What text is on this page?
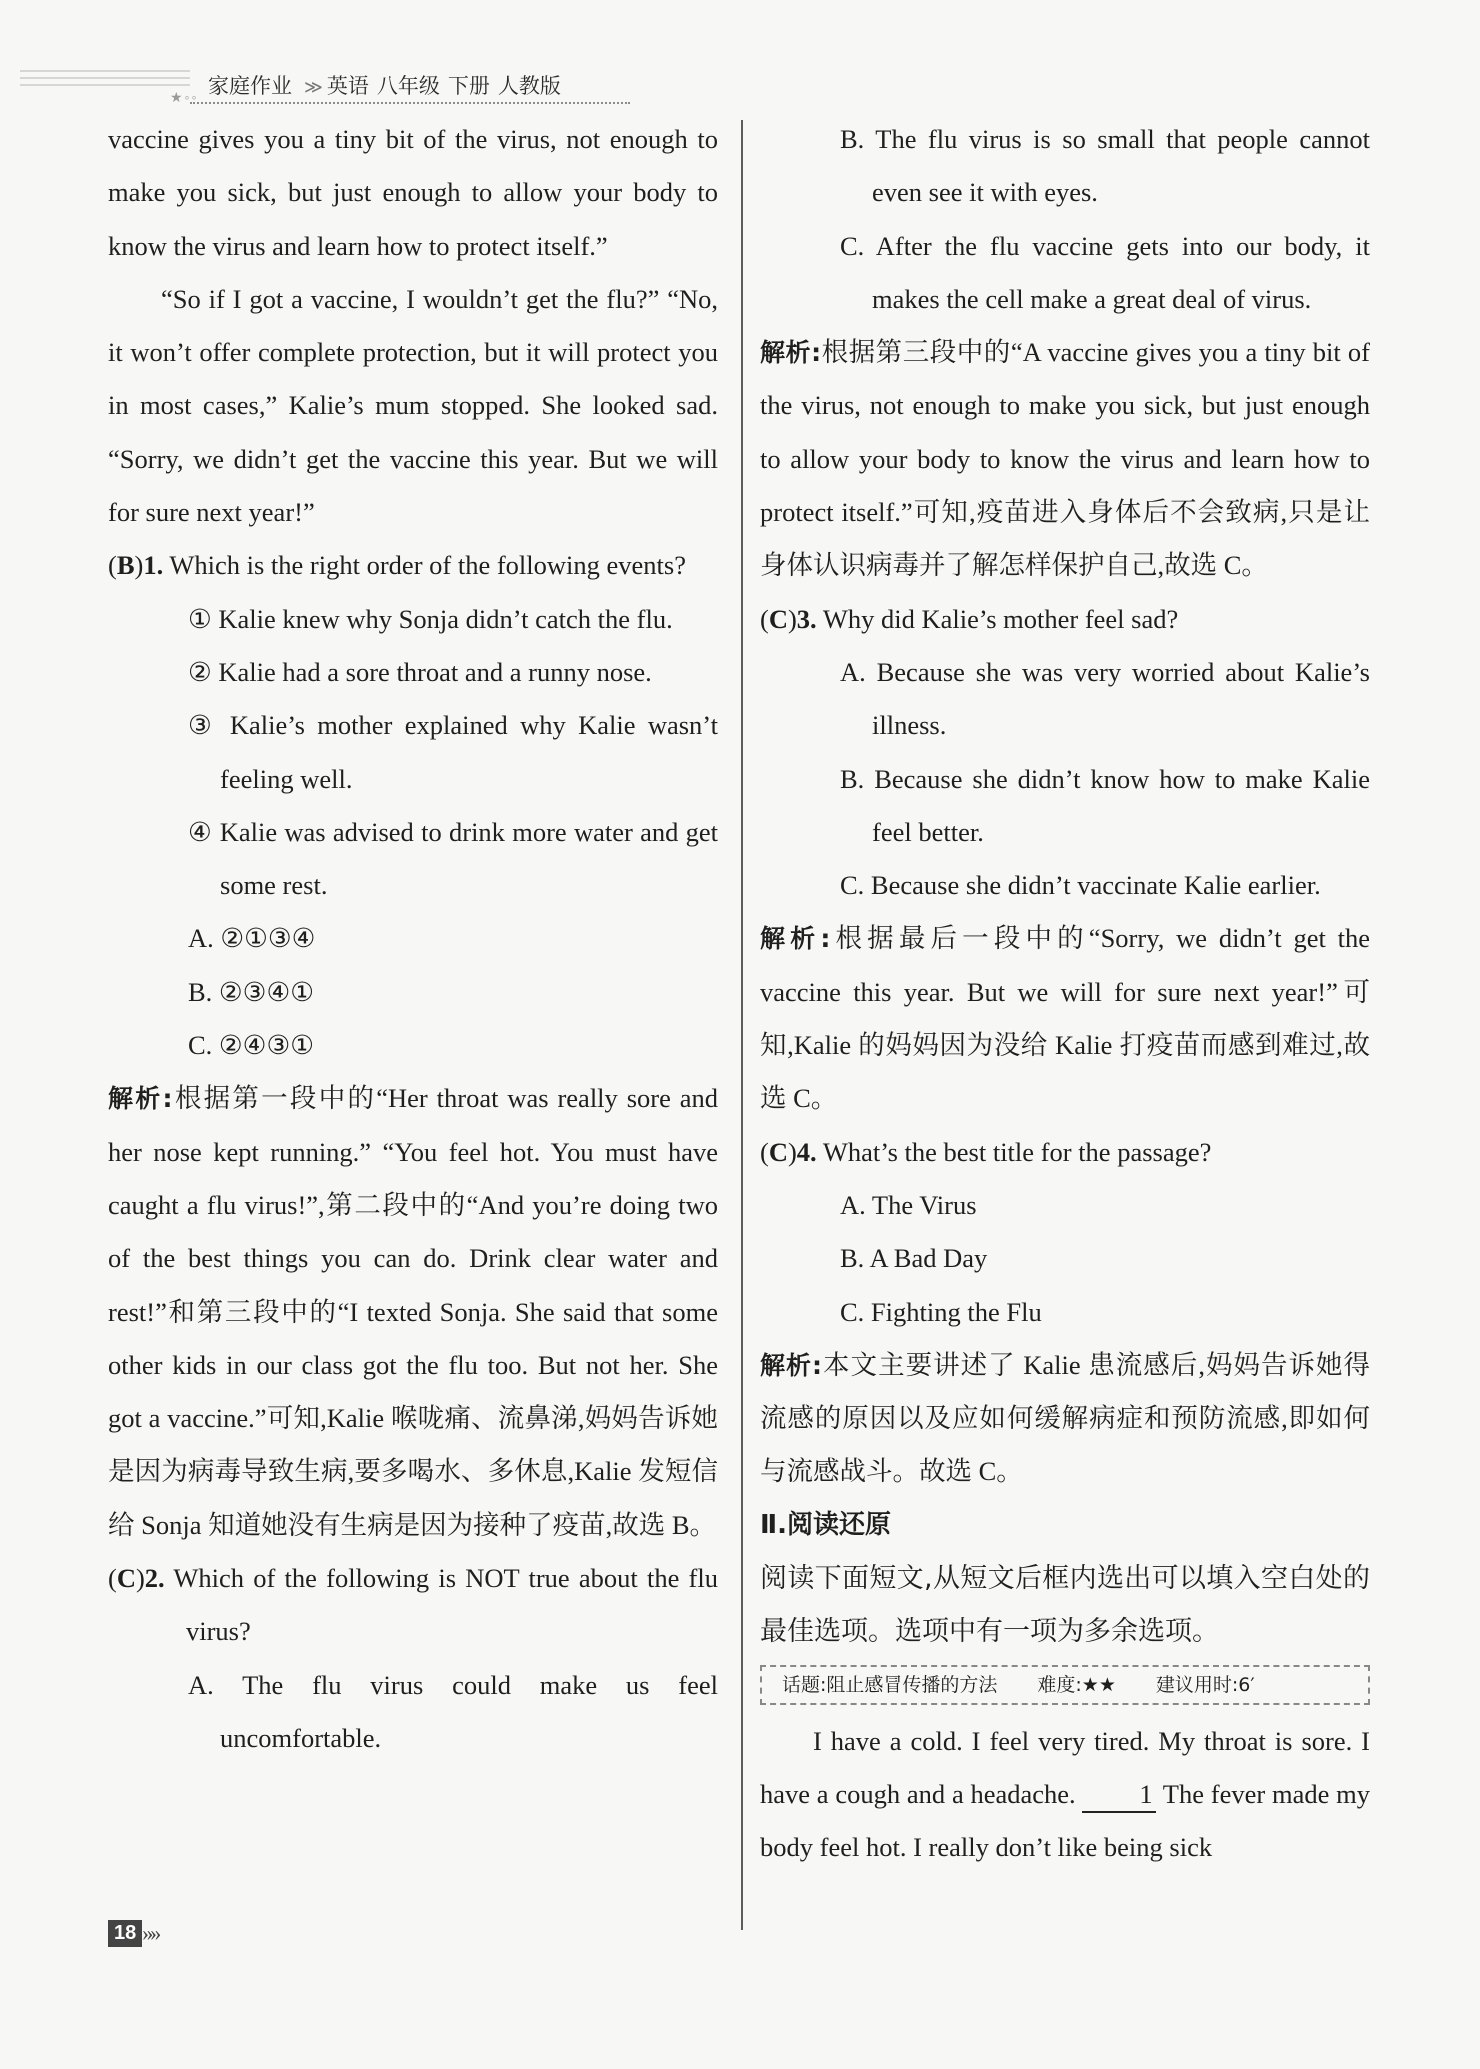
★◦◦
家庭作业 ≫ 英语 八年级 下册 人教版

vaccine gives you a tiny bit of the virus, not enough to make you sick, but just enough to allow your body to know the virus and learn how to protect itself.”

“So if I got a vaccine, I wouldn’t get the flu?” “No, it won’t offer complete protection, but it will protect you in most cases,” Kalie’s mum stopped. She looked sad. “Sorry, we didn’t get the vaccine this year. But we will for sure next year!”

(B)1. Which is the right order of the following events?

① Kalie knew why Sonja didn’t catch the flu.

② Kalie had a sore throat and a runny nose.

③ Kalie’s mother explained why Kalie wasn’t feeling well.

④ Kalie was advised to drink more water and get some rest.

A. ②①③④

B. ②③④①

C. ②④③①

解析:根据第一段中的“Her throat was really sore and her nose kept running.” “You feel hot. You must have caught a flu virus!”,第二段中的“And you’re doing two of the best things you can do. Drink clear water and rest!”和第三段中的“I texted Sonja. She said that some other kids in our class got the flu too. But not her. She got a vaccine.”可知,Kalie 喉咙痛、流鼻涕,妈妈告诉她是因为病毒导致生病,要多喝水、多休息,Kalie 发短信给 Sonja 知道她没有生病是因为接种了疫苗,故选 B。

(C)2. Which of the following is NOT true about the flu virus?

A. The flu virus could make us feel uncomfortable.

B. The flu virus is so small that people cannot even see it with eyes.

C. After the flu vaccine gets into our body, it makes the cell make a great deal of virus.

解析:根据第三段中的“A vaccine gives you a tiny bit of the virus, not enough to make you sick, but just enough to allow your body to know the virus and learn how to protect itself.”可知,疫苗进入身体后不会致病,只是让身体认识病毒并了解怎样保护自己,故选 C。

(C)3. Why did Kalie’s mother feel sad?

A. Because she was very worried about Kalie’s illness.

B. Because she didn’t know how to make Kalie feel better.

C. Because she didn’t vaccinate Kalie earlier.

解析:根据最后一段中的“Sorry, we didn’t get the vaccine this year. But we will for sure next year!”可知,Kalie 的妈妈因为没给 Kalie 打疫苗而感到难过,故选 C。

(C)4. What’s the best title for the passage?

A. The Virus

B. A Bad Day

C. Fighting the Flu

解析:本文主要讲述了 Kalie 患流感后,妈妈告诉她得流感的原因以及应如何缓解病症和预防流感,即如何与流感战斗。故选 C。

Ⅱ.阅读还原

阅读下面短文,从短文后框内选出可以填入空白处的最佳选项。选项中有一项为多余选项。

话题:阻止感冒传播的方法 难度:★★ 建议用时:6′

I have a cold. I feel very tired. My throat is sore. I have a cough and a headache. 1 The fever made my body feel hot. I really don’t like being sick

18 »»
